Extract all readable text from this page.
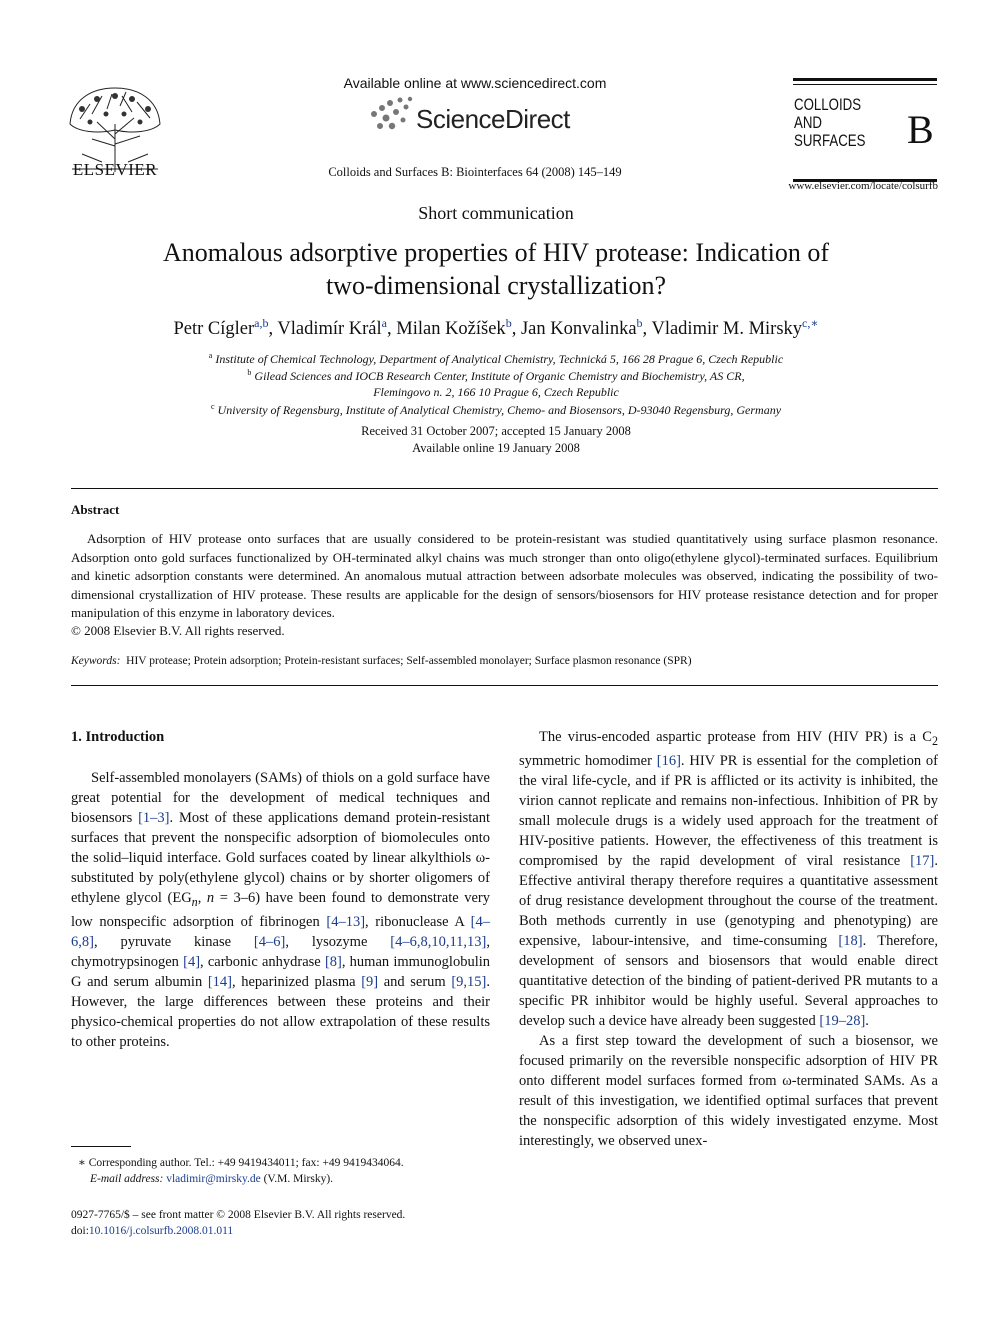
ELSEVIER
Available online at www.sciencedirect.com
ScienceDirect
Colloids and Surfaces B: Biointerfaces 64 (2008) 145–149
COLLOIDS
AND
SURFACES B
www.elsevier.com/locate/colsurfb
Short communication
Anomalous adsorptive properties of HIV protease: Indication of
two-dimensional crystallization?
Petr Cígler$^{a,b}$, Vladimír Král$^a$, Milan Kožíšek$^b$, Jan Konvalinka$^b$, Vladimir M. Mirsky$^{c,∗}$
$^a$ Institute of Chemical Technology, Department of Analytical Chemistry, Technická 5, 166 28 Prague 6, Czech Republic
$^b$ Gilead Sciences and IOCB Research Center, Institute of Organic Chemistry and Biochemistry, AS CR,
Flemingovo n. 2, 166 10 Prague 6, Czech Republic
$^c$ University of Regensburg, Institute of Analytical Chemistry, Chemo- and Biosensors, D-93040 Regensburg, Germany
Received 31 October 2007; accepted 15 January 2008
Available online 19 January 2008
Abstract
Adsorption of HIV protease onto surfaces that are usually considered to be protein-resistant was studied quantitatively using surface plasmon resonance. Adsorption onto gold surfaces functionalized by OH-terminated alkyl chains was much stronger than onto oligo(ethylene glycol)-terminated surfaces. Equilibrium and kinetic adsorption constants were determined. An anomalous mutual attraction between adsorbate molecules was observed, indicating the possibility of two-dimensional crystallization of HIV protease. These results are applicable for the design of sensors/biosensors for HIV protease resistance detection and for proper manipulation of this enzyme in laboratory devices.
© 2008 Elsevier B.V. All rights reserved.
Keywords: HIV protease; Protein adsorption; Protein-resistant surfaces; Self-assembled monolayer; Surface plasmon resonance (SPR)
1. Introduction

Self-assembled monolayers (SAMs) of thiols on a gold surface have great potential for the development of medical techniques and biosensors [1–3]. Most of these applications demand protein-resistant surfaces that prevent the nonspecific adsorption of biomolecules onto the solid–liquid interface. Gold surfaces coated by linear alkylthiols ω-substituted by poly(ethylene glycol) chains or by shorter oligomers of ethylene glycol ($EG_n$, n = 3–6) have been found to demonstrate very low nonspecific adsorption of fibrinogen [4–13], ribonuclease A [4–6,8], pyruvate kinase [4–6], lysozyme [4–6,8,10,11,13], chymotrypsinogen [4], carbonic anhydrase [8], human immunoglobulin G and serum albumin [14], heparinized plasma [9] and serum [9,15]. However, the large differences between these proteins and their physico-chemical properties do not allow extrapolation of these results to other proteins.

The virus-encoded aspartic protease from HIV (HIV PR) is a $C_2$ symmetric homodimer [16]. HIV PR is essential for the completion of the viral life-cycle, and if PR is afflicted or its activity is inhibited, the virion cannot replicate and remains non-infectious. Inhibition of PR by small molecule drugs is a widely used approach for the treatment of HIV-positive patients. However, the effectiveness of this treatment is compromised by the rapid development of viral resistance [17]. Effective antiviral therapy therefore requires a quantitative assessment of drug resistance development throughout the course of the treatment. Both methods currently in use (genotyping and phenotyping) are expensive, labour-intensive, and time-consuming [18]. Therefore, development of sensors and biosensors that would enable direct quantitative detection of the binding of patient-derived PR mutants to a specific PR inhibitor would be highly useful. Several approaches to develop such a device have already been suggested [19–28].

As a first step toward the development of such a biosensor, we focused primarily on the reversible nonspecific adsorption of HIV PR onto different model surfaces formed from ω-terminated SAMs. As a result of this investigation, we identified optimal surfaces that prevent the nonspecific adsorption of this widely investigated enzyme. Most interestingly, we observed unex-

∗ Corresponding author. Tel.: +49 9419434011; fax: +49 9419434064.
E-mail address: vladimir@mirsky.de (V.M. Mirsky).
0927-7765/$ – see front matter © 2008 Elsevier B.V. All rights reserved.
doi:10.1016/j.colsurfb.2008.01.011
